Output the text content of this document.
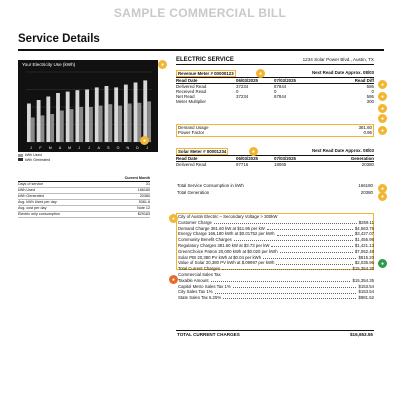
SAMPLE COMMERCIAL BILL
Service Details
J F M A M J J A S O N D J
Your Electricity Use (kWh)
kWh Used
kWh Generated
●
Current Month
Days of service	31
kWh Used	166180
kWh Generated	20380
Avg. kWh Used per day	5361.6
Avg. cost per day	Note 12
Electric only consumption	$29183
●
ELECTRIC SERVICE	1234 Solar Power Blvd., Austin, TX
Revenue Meter # 00000123	Next Read Date Approx. 08/03
Read Date	06/03/2025	07/03/2025	Read Diff
Delivered Read	37234	87844	586
Received Read	0	0	0
Net Read	37234	87844	586
Meter Multiplier	300
●
●
●
●
●
Demand Usage	381.60
Power Factor	0.96	●
Solar Meter # 00001234	Next Read Date Approx. 08/03
Read Date	06/03/2025	07/03/2025	Generation
Delivered Read	97716	18065	20380
●
Total Service Consumption in kWh	166180
Total Generation	20380
●
●
● City of Austin Electric – Secondary Voltage > 300kW
Customer Charge	$269.11
Demand Charge 381.60 kW at $11.96 per kW	$4,563.76
Energy Charge 166,180 kWh at $0.01752 per kWh	$3,427.07
Community Benefit Charges	$1,455.96
Regulatory Charges 381.60 kW at $3.73 per kW	$1,421.13
GreenChoice Patron 20,000 kWh at $0.020 per kWh	$7,052.48
Solar PBI 20,380 PV kWh at $0.04 per kWh	$815.20
Value of Solar 20,380 PV kWh at $.09997 per kWh	$2,035.96
Total Current Charges	$15,354.35
Commercial Sales Tax
Taxable Amount	$15,354.35
Capitol Metro Sales Tax 1%	$153.54
City Sales Tax 1%	$153.54
State Sales Tax 6.25%	$981.52
●
●
TOTAL CURRENT CHARGES	$16,653.55
